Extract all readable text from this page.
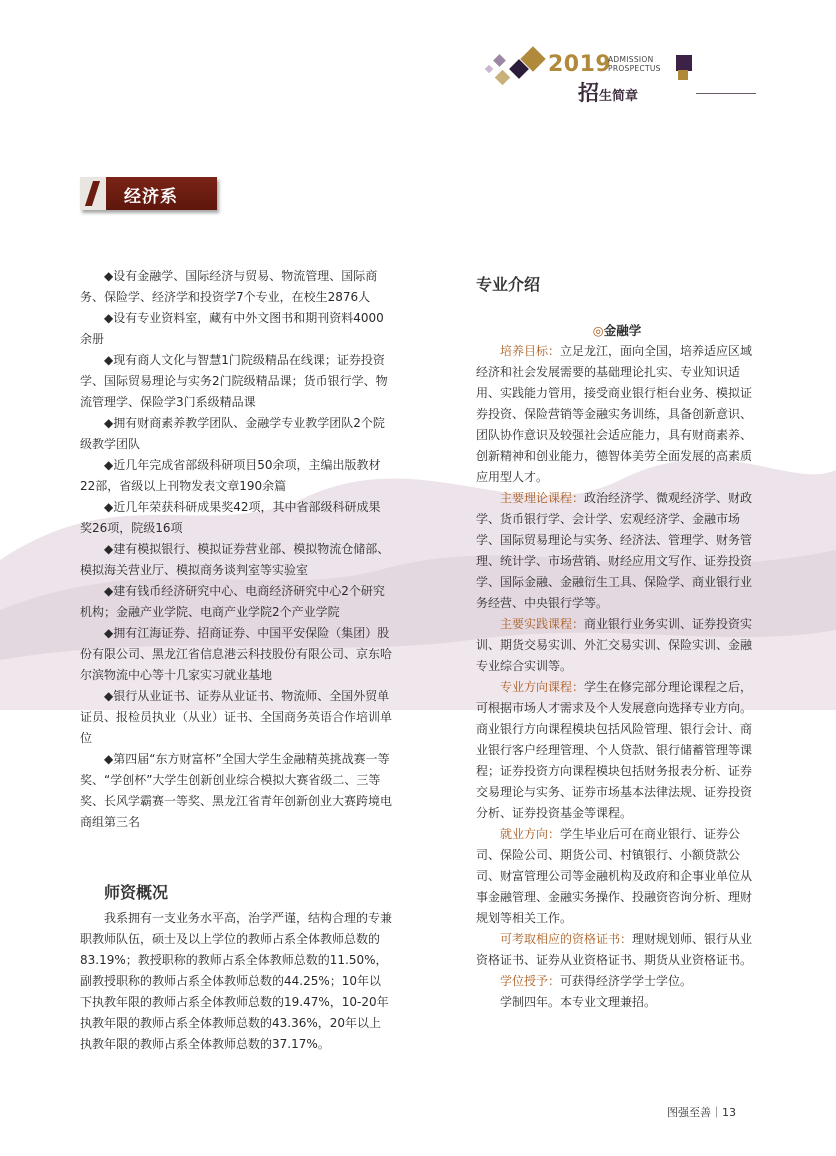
2019
ADMISSION
PROSPECTUS
招生简章
经济系

◆设有金融学、国际经济与贸易、物流管理、国际商务、保险学、经济学和投资学7个专业，在校生2876人

◆设有专业资料室，藏有中外文图书和期刊资料4000余册

◆现有商人文化与智慧1门院级精品在线课；证券投资学、国际贸易理论与实务2门院级精品课；货币银行学、物流管理学、保险学3门系级精品课

◆拥有财商素养教学团队、金融学专业教学团队2个院级教学团队

◆近几年完成省部级科研项目50余项，主编出版教材22部，省级以上刊物发表文章190余篇

◆近几年荣获科研成果奖42项，其中省部级科研成果奖26项，院级16项

◆建有模拟银行、模拟证券营业部、模拟物流仓储部、模拟海关营业厅、模拟商务谈判室等实验室

◆建有钱币经济研究中心、电商经济研究中心2个研究机构；金融产业学院、电商产业学院2个产业学院

◆拥有江海证券、招商证券、中国平安保险（集团）股份有限公司、黑龙江省信息港云科技股份有限公司、京东哈尔滨物流中心等十几家实习就业基地

◆银行从业证书、证券从业证书、物流师、全国外贸单证员、报检员执业（从业）证书、全国商务英语合作培训单位

◆第四届“东方财富杯”全国大学生金融精英挑战赛一等奖、“学创杯”大学生创新创业综合模拟大赛省级二、三等奖、长风学霸赛一等奖、黑龙江省青年创新创业大赛跨境电商组第三名

师资概况

我系拥有一支业务水平高，治学严谨，结构合理的专兼职教师队伍，硕士及以上学位的教师占系全体教师总数的83.19%；教授职称的教师占系全体教师总数的11.50%，副教授职称的教师占系全体教师总数的44.25%；10年以下执教年限的教师占系全体教师总数的19.47%，10-20年执教年限的教师占系全体教师总数的43.36%，20年以上执教年限的教师占系全体教师总数的37.17%。

专业介绍

◎金融学

培养目标：立足龙江，面向全国，培养适应区域经济和社会发展需要的基础理论扎实、专业知识适用、实践能力管用，接受商业银行柜台业务、模拟证券投资、保险营销等金融实务训练，具备创新意识、团队协作意识及较强社会适应能力，具有财商素养、创新精神和创业能力，德智体美劳全面发展的高素质应用型人才。

主要理论课程：政治经济学、微观经济学、财政学、货币银行学、会计学、宏观经济学、金融市场学、国际贸易理论与实务、经济法、管理学、财务管理、统计学、市场营销、财经应用文写作、证券投资学、国际金融、金融衍生工具、保险学、商业银行业务经营、中央银行学等。

主要实践课程：商业银行业务实训、证券投资实训、期货交易实训、外汇交易实训、保险实训、金融专业综合实训等。

专业方向课程：学生在修完部分理论课程之后，可根据市场人才需求及个人发展意向选择专业方向。商业银行方向课程模块包括风险管理、银行会计、商业银行客户经理管理、个人贷款、银行储蓄管理等课程；证券投资方向课程模块包括财务报表分析、证券交易理论与实务、证券市场基本法律法规、证券投资分析、证券投资基金等课程。

就业方向：学生毕业后可在商业银行、证券公司、保险公司、期货公司、村镇银行、小额贷款公司、财富管理公司等金融机构及政府和企事业单位从事金融管理、金融实务操作、投融资咨询分析、理财规划等相关工作。

可考取相应的资格证书：理财规划师、银行从业资格证书、证券从业资格证书、期货从业资格证书。

学位授予：可获得经济学学士学位。

学制四年。本专业文理兼招。

图强至善｜13
